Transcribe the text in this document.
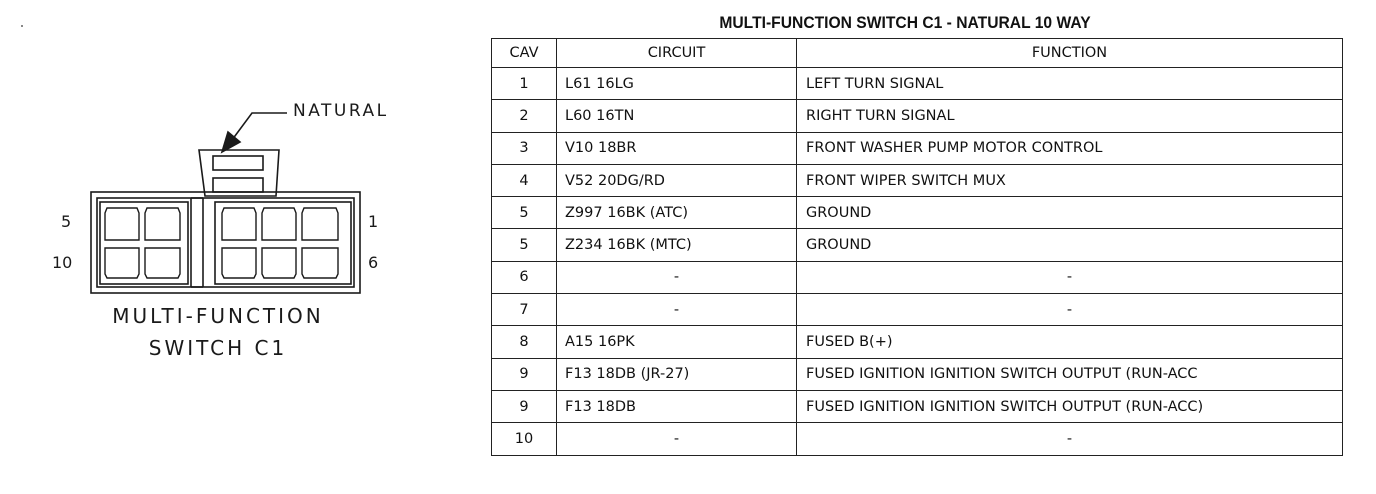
NATURAL
5
10
1
6
MULTI-FUNCTION
SWITCH C1
MULTI-FUNCTION SWITCH C1 - NATURAL 10 WAY
CAV	CIRCUIT	FUNCTION
1	L61 16LG	LEFT TURN SIGNAL
2	L60 16TN	RIGHT TURN SIGNAL
3	V10 18BR	FRONT WASHER PUMP MOTOR CONTROL
4	V52 20DG/RD	FRONT WIPER SWITCH MUX
5	Z997 16BK (ATC)	GROUND
5	Z234 16BK (MTC)	GROUND
6	-	-
7	-	-
8	A15 16PK	FUSED B(+)
9	F13 18DB (JR-27)	FUSED IGNITION IGNITION SWITCH OUTPUT (RUN-ACC
9	F13 18DB	FUSED IGNITION IGNITION SWITCH OUTPUT (RUN-ACC)
10	-	-
